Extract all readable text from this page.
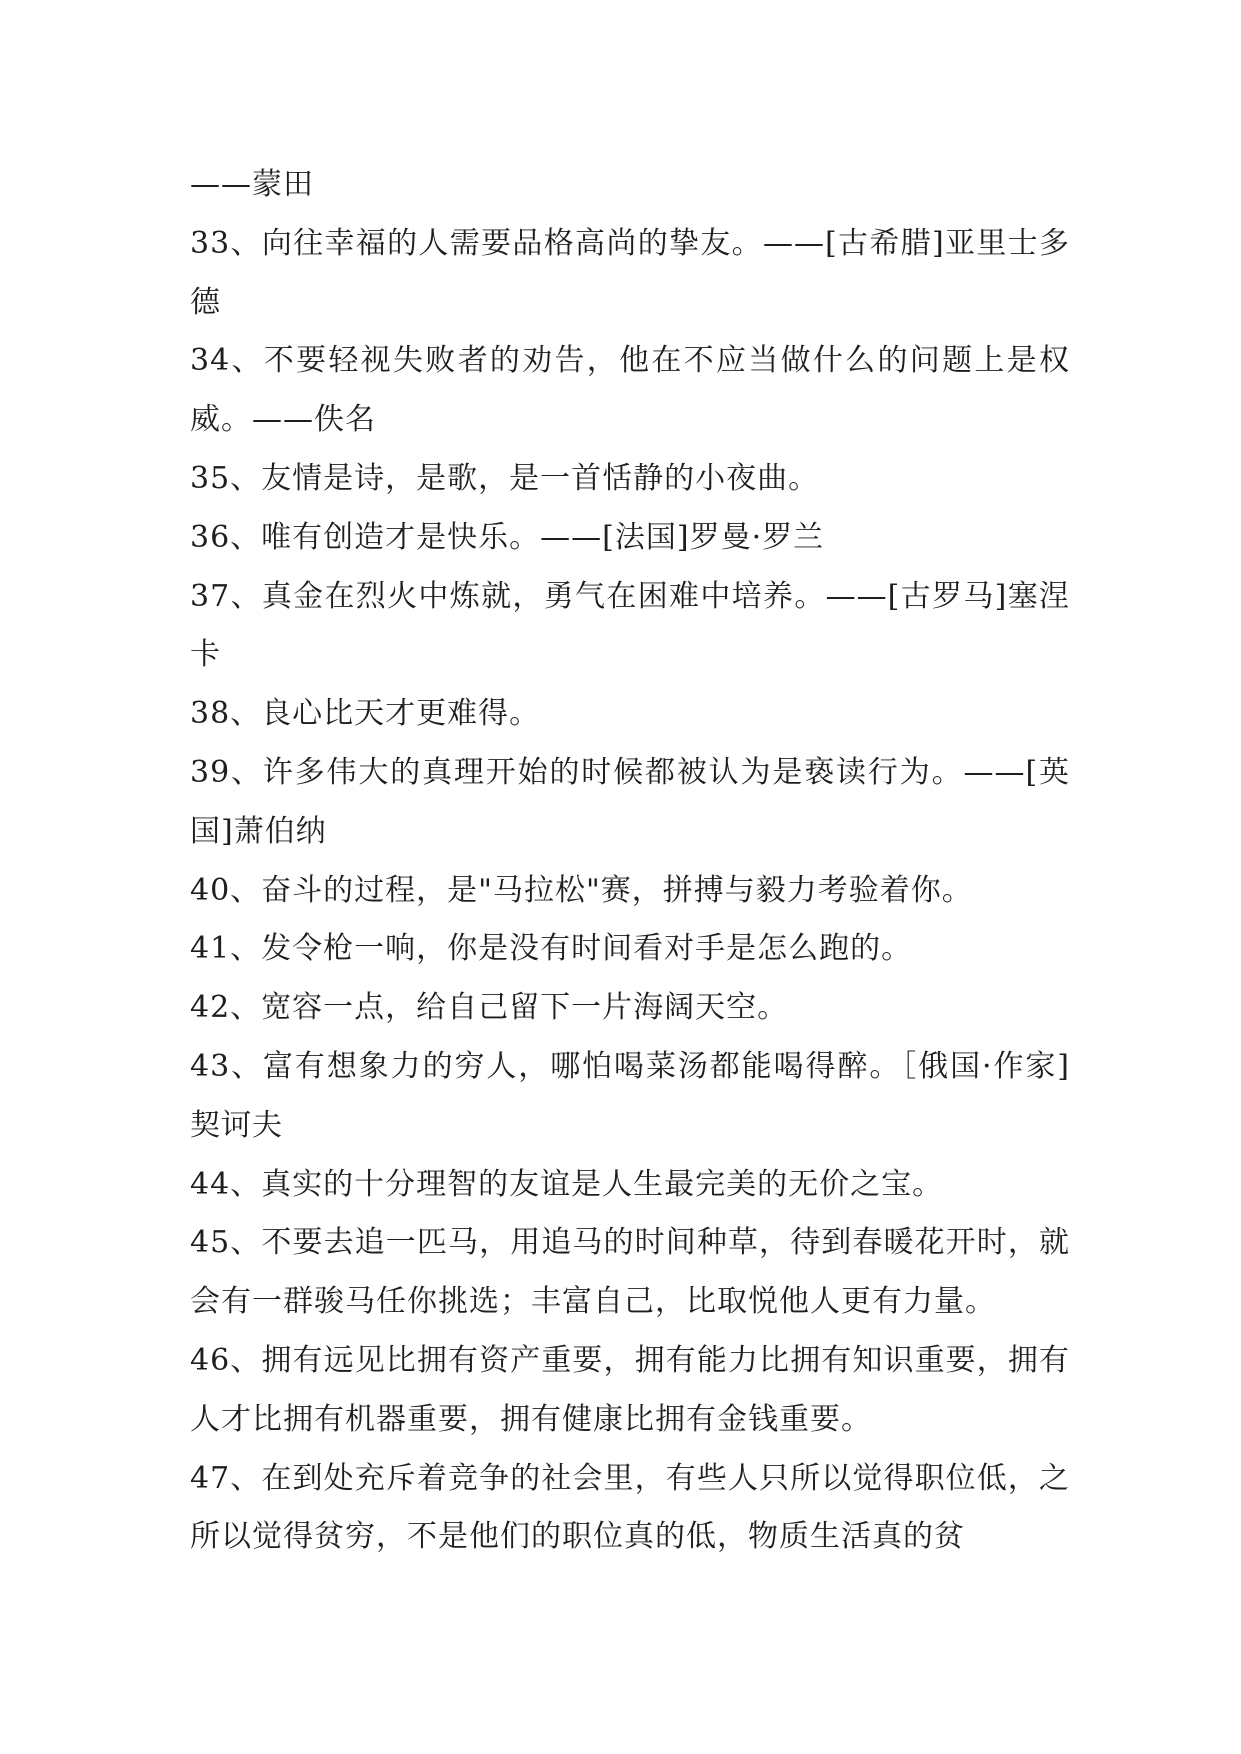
——蒙田

33、向往幸福的人需要品格高尚的挚友。——[古希腊]亚里士多德

34、不要轻视失败者的劝告，他在不应当做什么的问题上是权威。——佚名

35、友情是诗，是歌，是一首恬静的小夜曲。

36、唯有创造才是快乐。——[法国]罗曼·罗兰

37、真金在烈火中炼就，勇气在困难中培养。——[古罗马]塞涅卡

38、良心比天才更难得。

39、许多伟大的真理开始的时候都被认为是亵读行为。——[英国]萧伯纳

40、奋斗的过程，是"马拉松"赛，拼搏与毅力考验着你。

41、发令枪一响，你是没有时间看对手是怎么跑的。

42、宽容一点，给自己留下一片海阔天空。

43、富有想象力的穷人，哪怕喝菜汤都能喝得醉。［俄国·作家]契诃夫

44、真实的十分理智的友谊是人生最完美的无价之宝。

45、不要去追一匹马，用追马的时间种草，待到春暖花开时，就会有一群骏马任你挑选；丰富自己，比取悦他人更有力量。

46、拥有远见比拥有资产重要，拥有能力比拥有知识重要，拥有人才比拥有机器重要，拥有健康比拥有金钱重要。

47、在到处充斥着竞争的社会里，有些人只所以觉得职位低，之所以觉得贫穷，不是他们的职位真的低，物质生活真的贫
